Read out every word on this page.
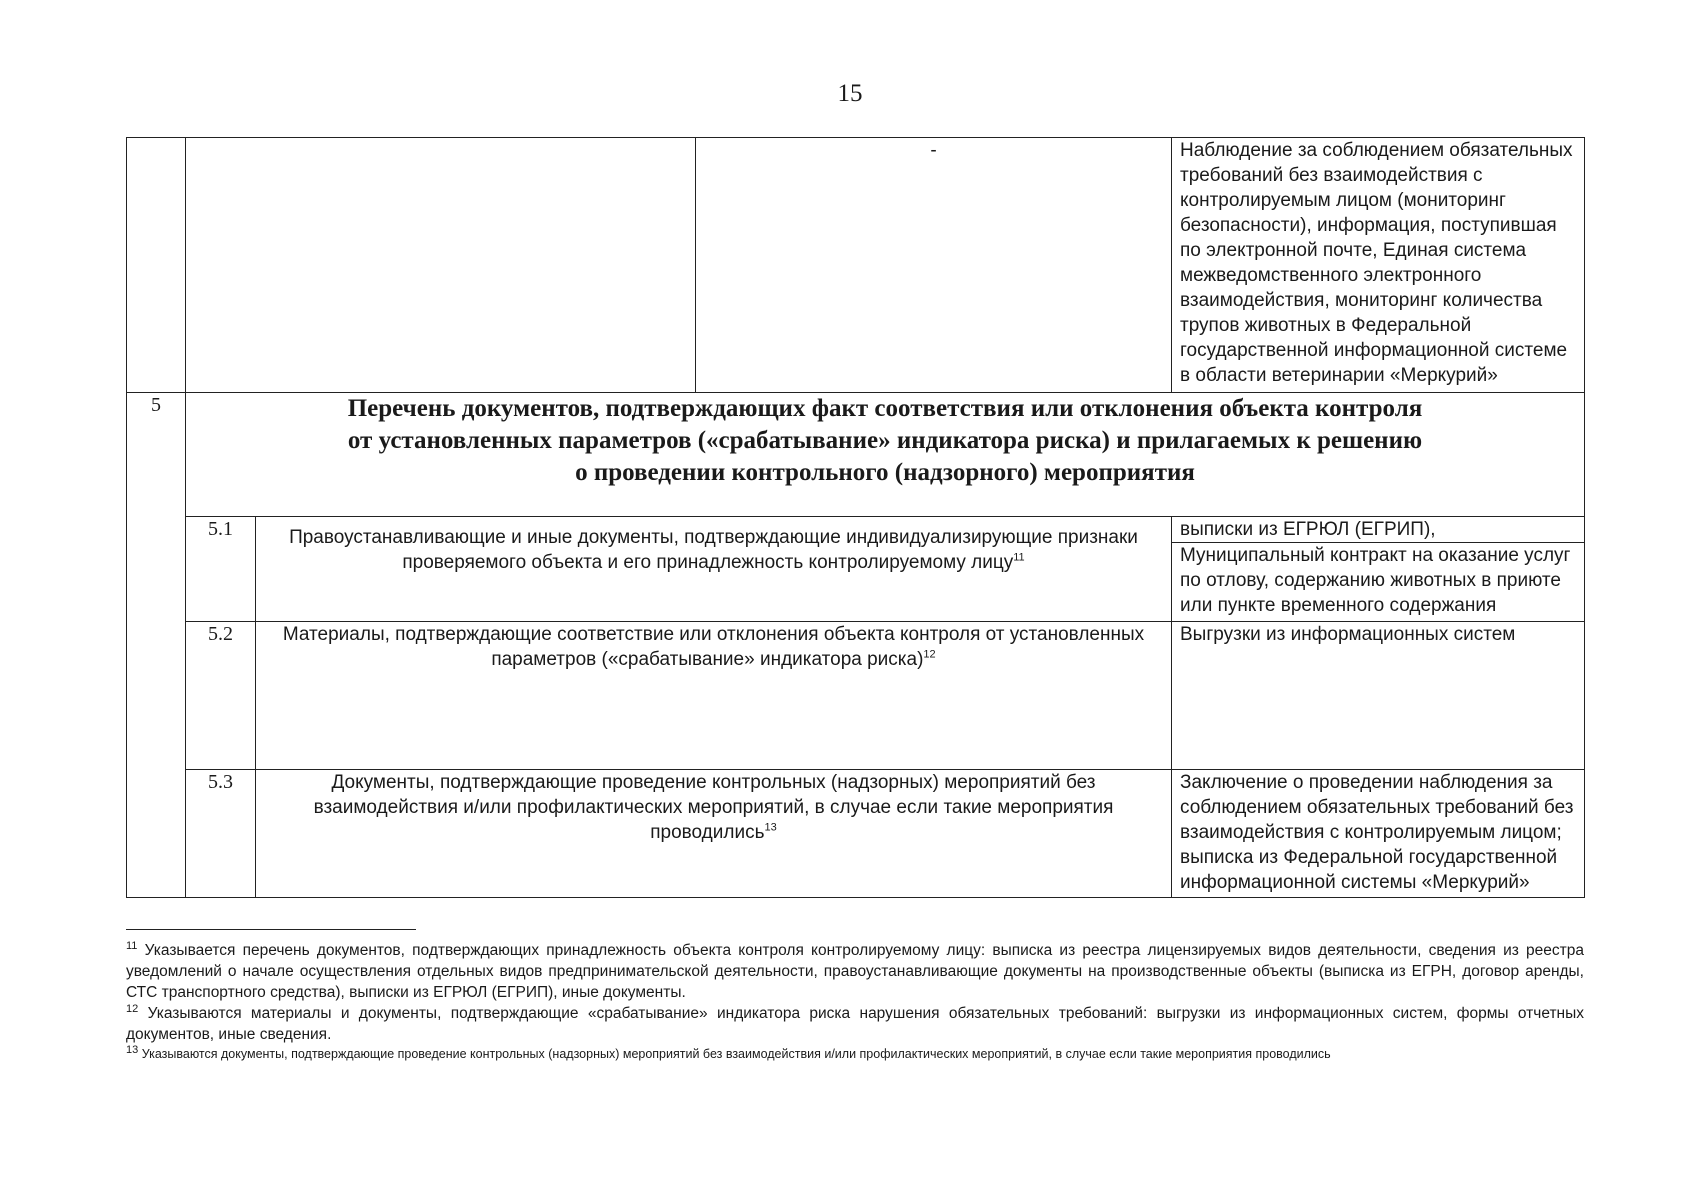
15
			-	Наблюдение за соблюдением обязательных требований без взаимодействия с контролируемым лицом (мониторинг безопасности), информация, поступившая по электронной почте, Единая система межведомственного электронного взаимодействия, мониторинг количества трупов животных в Федеральной государственной информационной системе в области ветеринарии «Меркурий»
5	Перечень документов, подтверждающих факт соответствия или отклонения объекта контроля
от установленных параметров («срабатывание» индикатора риска) и прилагаемых к решению
о проведении контрольного (надзорного) мероприятия			

	5.1	Правоустанавливающие и иные документы, подтверждающие индивидуализирующие признаки проверяемого объекта и его принадлежность контролируемому лицу$^{11}$		выписки из ЕГРЮЛ (ЕГРИП),
Муниципальный контракт на оказание услуг по отлову, содержанию животных в приюте или пункте временного содержания

	5.2	Материалы, подтверждающие соответствие или отклонения объекта контроля от установленных параметров («срабатывание» индикатора риска)$^{12}$		Выгрузки из информационных систем
	5.3	Документы, подтверждающие проведение контрольных (надзорных) мероприятий без взаимодействия и/или профилактических мероприятий, в случае если такие мероприятия проводились$^{13}$		Заключение о проведении наблюдения за соблюдением обязательных требований без взаимодействия с контролируемым лицом; выписка из Федеральной государственной информационной системы «Меркурий»

$^{11}$ Указывается перечень документов, подтверждающих принадлежность объекта контроля контролируемому лицу: выписка из реестра лицензируемых видов деятельности, сведения из реестра уведомлений о начале осуществления отдельных видов предпринимательской деятельности, правоустанавливающие документы на производственные объекты (выписка из ЕГРН, договор аренды, СТС транспортного средства), выписки из ЕГРЮЛ (ЕГРИП), иные документы.

$^{12}$ Указываются материалы и документы, подтверждающие «срабатывание» индикатора риска нарушения обязательных требований: выгрузки из информационных систем, формы отчетных документов, иные сведения.

$^{13}$ Указываются документы, подтверждающие проведение контрольных (надзорных) мероприятий без взаимодействия и/или профилактических мероприятий, в случае если такие мероприятия проводились
